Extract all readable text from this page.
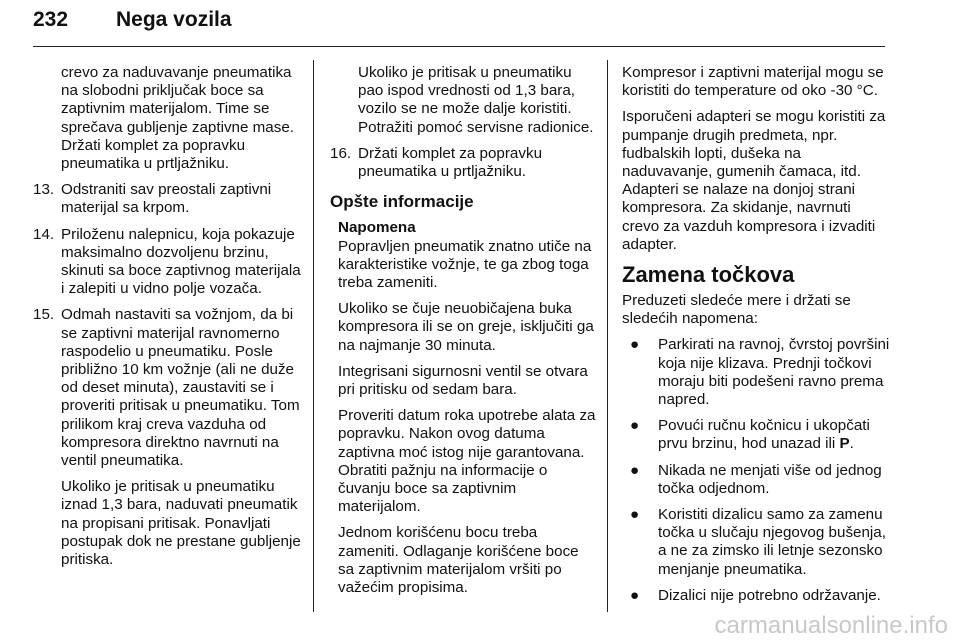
232 Nega vozila

crevo za naduvavanje pneumatika na slobodni priključak boce sa zaptivnim materijalom. Time se sprečava gubljenje zaptivne mase. Držati komplet za popravku pneumatika u prtljažniku.

13. Odstraniti sav preostali zaptivni materijal sa krpom.
14. Priloženu nalepnicu, koja pokazuje maksimalno dozvoljenu brzinu, skinuti sa boce zaptivnog materijala i zalepiti u vidno polje vozača.
15. Odmah nastaviti sa vožnjom, da bi se zaptivni materijal ravnomerno raspodelio u pneumatiku. Posle približno 10 km vožnje (ali ne duže od deset minuta), zaustaviti se i proveriti pritisak u pneumatiku. Tom prilikom kraj creva vazduha od kompresora direktno navrnuti na ventil pneumatika.

Ukoliko je pritisak u pneumatiku iznad 1,3 bara, naduvati pneumatik na propisani pritisak. Ponavljati postupak dok ne prestane gubljenje pritiska.

Ukoliko je pritisak u pneumatiku pao ispod vrednosti od 1,3 bara, vozilo se ne može dalje koristiti. Potražiti pomoć servisne radionice.

16. Držati komplet za popravku pneumatika u prtljažniku.
Opšte informacije
Napomena

Popravljen pneumatik znatno utiče na karakteristike vožnje, te ga zbog toga treba zameniti.

Ukoliko se čuje neuobičajena buka kompresora ili se on greje, isključiti ga na najmanje 30 minuta.

Integrisani sigurnosni ventil se otvara pri pritisku od sedam bara.

Proveriti datum roka upotrebe alata za popravku. Nakon ovog datuma zaptivna moć istog nije garantovana. Obratiti pažnju na informacije o čuvanju boce sa zaptivnim materijalom.

Jednom korišćenu bocu treba zameniti. Odlaganje korišćene boce sa zaptivnim materijalom vršiti po važećim propisima.

Kompresor i zaptivni materijal mogu se koristiti do temperature od oko -30 °C.

Isporučeni adapteri se mogu koristiti za pumpanje drugih predmeta, npr. fudbalskih lopti, dušeka na naduvavanje, gumenih čamaca, itd. Adapteri se nalaze na donjoj strani kompresora. Za skidanje, navrnuti crevo za vazduh kompresora i izvaditi adapter.

Zamena točkova

Preduzeti sledeće mere i držati se sledećih napomena:

● Parkirati na ravnoj, čvrstoj površini koja nije klizava. Prednji točkovi moraju biti podešeni ravno prema napred.
● Povući ručnu kočnicu i ukopčati prvu brzinu, hod unazad ili P.
● Nikada ne menjati više od jednog točka odjednom.
● Koristiti dizalicu samo za zamenu točka u slučaju njegovog bušenja, a ne za zimsko ili letnje sezonsko menjanje pneumatika.
● Dizalici nije potrebno održavanje.
carmanualsonline.info
